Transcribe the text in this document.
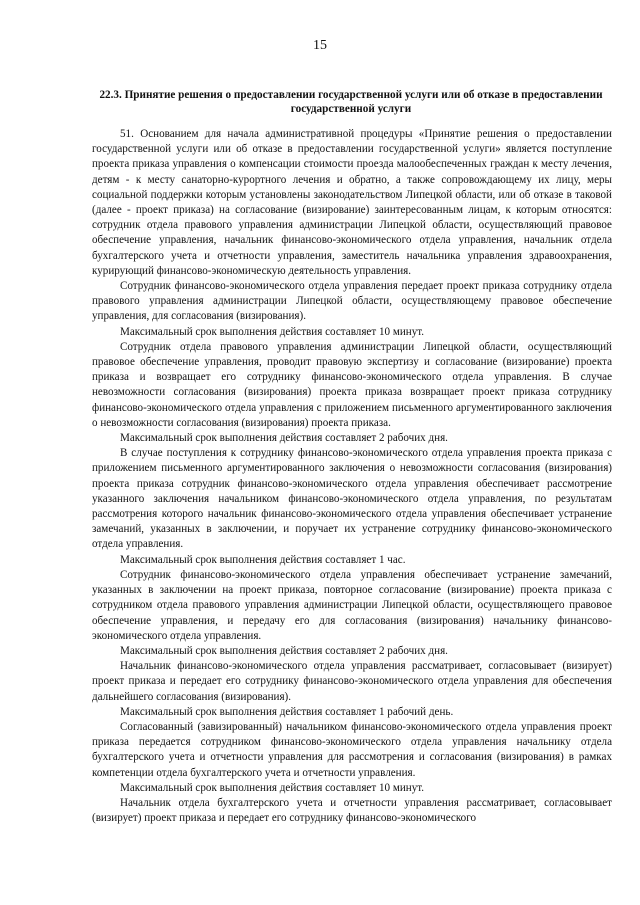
15
22.3. Принятие решения о предоставлении государственной услуги или об отказе в предоставлении государственной услуги

51. Основанием для начала административной процедуры «Принятие решения о предоставлении государственной услуги или об отказе в предоставлении государственной услуги» является поступление проекта приказа управления о компенсации стоимости проезда малообеспеченных граждан к месту лечения, детям - к месту санаторно-курортного лечения и обратно, а также сопровождающему их лицу, меры социальной поддержки которым установлены законодательством Липецкой области, или об отказе в таковой (далее - проект приказа) на согласование (визирование) заинтересованным лицам, к которым относятся: сотрудник отдела правового управления администрации Липецкой области, осуществляющий правовое обеспечение управления, начальник финансово-экономического отдела управления, начальник отдела бухгалтерского учета и отчетности управления, заместитель начальника управления здравоохранения, курирующий финансово-экономическую деятельность управления.

Сотрудник финансово-экономического отдела управления передает проект приказа сотруднику отдела правового управления администрации Липецкой области, осуществляющему правовое обеспечение управления, для согласования (визирования).

Максимальный срок выполнения действия составляет 10 минут.

Сотрудник отдела правового управления администрации Липецкой области, осуществляющий правовое обеспечение управления, проводит правовую экспертизу и согласование (визирование) проекта приказа и возвращает его сотруднику финансово-экономического отдела управления. В случае невозможности согласования (визирования) проекта приказа возвращает проект приказа сотруднику финансово-экономического отдела управления с приложением письменного аргументированного заключения о невозможности согласования (визирования) проекта приказа.

Максимальный срок выполнения действия составляет 2 рабочих дня.

В случае поступления к сотруднику финансово-экономического отдела управления проекта приказа с приложением письменного аргументированного заключения о невозможности согласования (визирования) проекта приказа сотрудник финансово-экономического отдела управления обеспечивает рассмотрение указанного заключения начальником финансово-экономического отдела управления, по результатам рассмотрения которого начальник финансово-экономического отдела управления обеспечивает устранение замечаний, указанных в заключении, и поручает их устранение сотруднику финансово-экономического отдела управления.

Максимальный срок выполнения действия составляет 1 час.

Сотрудник финансово-экономического отдела управления обеспечивает устранение замечаний, указанных в заключении на проект приказа, повторное согласование (визирование) проекта приказа с сотрудником отдела правового управления администрации Липецкой области, осуществляющего правовое обеспечение управления, и передачу его для согласования (визирования) начальнику финансово-экономического отдела управления.

Максимальный срок выполнения действия составляет 2 рабочих дня.

Начальник финансово-экономического отдела управления рассматривает, согласовывает (визирует) проект приказа и передает его сотруднику финансово-экономического отдела управления для обеспечения дальнейшего согласования (визирования).

Максимальный срок выполнения действия составляет 1 рабочий день.

Согласованный (завизированный) начальником финансово-экономического отдела управления проект приказа передается сотрудником финансово-экономического отдела управления начальнику отдела бухгалтерского учета и отчетности управления для рассмотрения и согласования (визирования) в рамках компетенции отдела бухгалтерского учета и отчетности управления.

Максимальный срок выполнения действия составляет 10 минут.

Начальник отдела бухгалтерского учета и отчетности управления рассматривает, согласовывает (визирует) проект приказа и передает его сотруднику финансово-экономического
